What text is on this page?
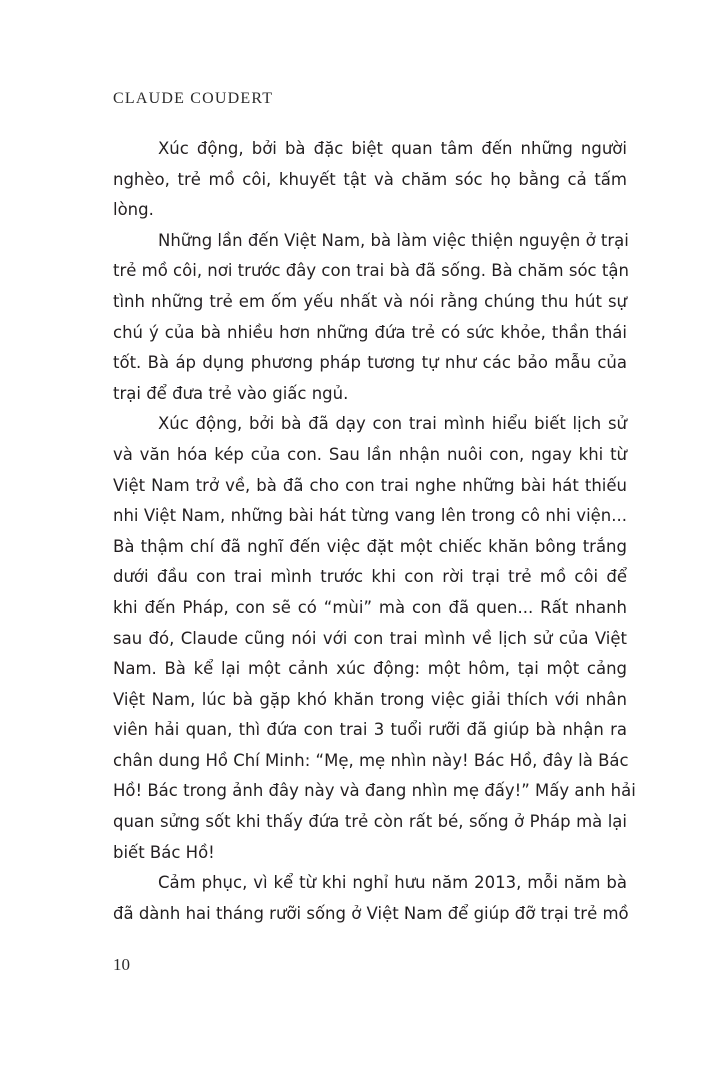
CLAUDE COUDERT

Xúc động, bởi bà đặc biệt quan tâm đến những người
nghèo, trẻ mồ côi, khuyết tật và chăm sóc họ bằng cả tấm
lòng.

Những lần đến Việt Nam, bà làm việc thiện nguyện ở trại
trẻ mồ côi, nơi trước đây con trai bà đã sống. Bà chăm sóc tận
tình những trẻ em ốm yếu nhất và nói rằng chúng thu hút sự
chú ý của bà nhiều hơn những đứa trẻ có sức khỏe, thần thái
tốt. Bà áp dụng phương pháp tương tự như các bảo mẫu của
trại để đưa trẻ vào giấc ngủ.

Xúc động, bởi bà đã dạy con trai mình hiểu biết lịch sử
và văn hóa kép của con. Sau lần nhận nuôi con, ngay khi từ
Việt Nam trở về, bà đã cho con trai nghe những bài hát thiếu
nhi Việt Nam, những bài hát từng vang lên trong cô nhi viện...
Bà thậm chí đã nghĩ đến việc đặt một chiếc khăn bông trắng
dưới đầu con trai mình trước khi con rời trại trẻ mồ côi để
khi đến Pháp, con sẽ có “mùi” mà con đã quen... Rất nhanh
sau đó, Claude cũng nói với con trai mình về lịch sử của Việt
Nam. Bà kể lại một cảnh xúc động: một hôm, tại một cảng
Việt Nam, lúc bà gặp khó khăn trong việc giải thích với nhân
viên hải quan, thì đứa con trai 3 tuổi rưỡi đã giúp bà nhận ra
chân dung Hồ Chí Minh: “Mẹ, mẹ nhìn này! Bác Hồ, đây là Bác
Hồ! Bác trong ảnh đây này và đang nhìn mẹ đấy!” Mấy anh hải
quan sửng sốt khi thấy đứa trẻ còn rất bé, sống ở Pháp mà lại
biết Bác Hồ!

Cảm phục, vì kể từ khi nghỉ hưu năm 2013, mỗi năm bà
đã dành hai tháng rưỡi sống ở Việt Nam để giúp đỡ trại trẻ mồ

10
